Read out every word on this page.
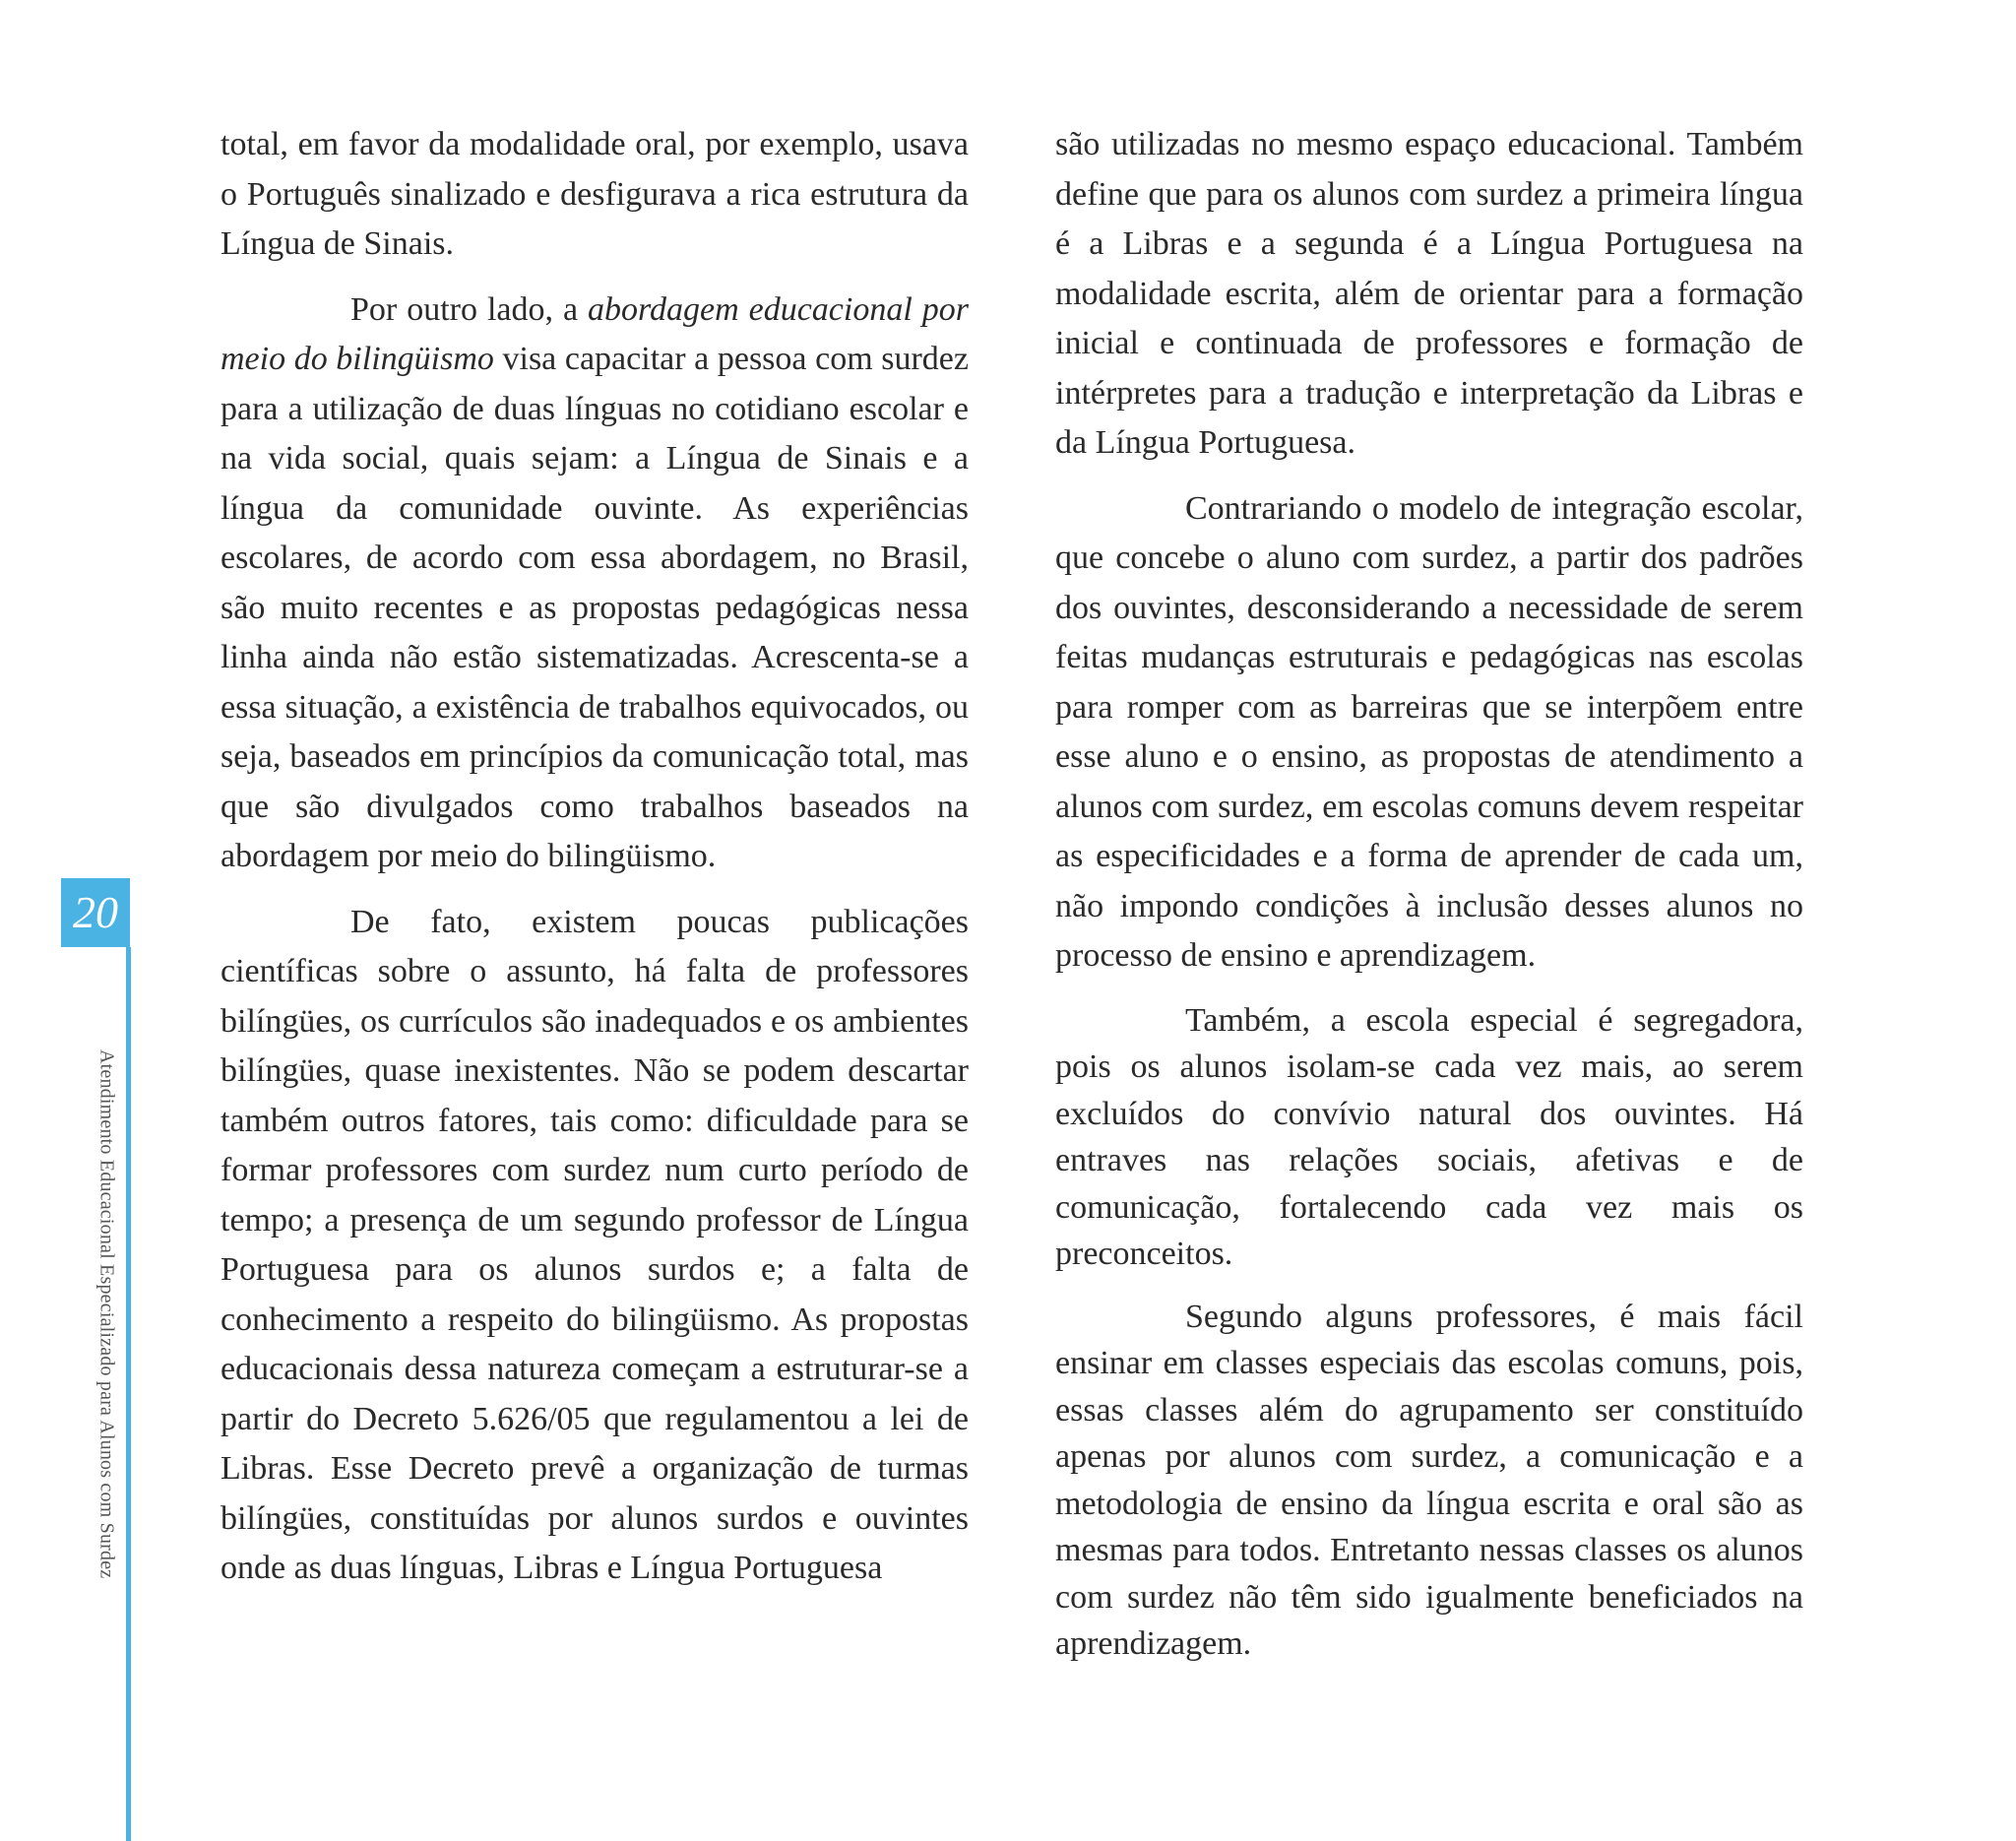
total, em favor da modalidade oral, por exemplo, usava o Português sinalizado e desfigurava a rica estrutura da Língua de Sinais.

Por outro lado, a abordagem educacional por meio do bilingüismo visa capacitar a pessoa com surdez para a utilização de duas línguas no cotidiano escolar e na vida social, quais sejam: a Língua de Sinais e a língua da comunidade ouvinte. As experiências escolares, de acordo com essa abordagem, no Brasil, são muito recentes e as propostas pedagógicas nessa linha ainda não estão sistematizadas. Acrescenta-se a essa situação, a existência de trabalhos equivocados, ou seja, baseados em princípios da comunicação total, mas que são divulgados como trabalhos baseados na abordagem por meio do bilingüismo.

De fato, existem poucas publicações científicas sobre o assunto, há falta de professores bilíngües, os currículos são inadequados e os ambientes bilíngües, quase inexistentes. Não se podem descartar também outros fatores, tais como: dificuldade para se formar professores com surdez num curto período de tempo; a presença de um segundo professor de Língua Portuguesa para os alunos surdos e; a falta de conhecimento a respeito do bilingüismo. As propostas educacionais dessa natureza começam a estruturar-se a partir do Decreto 5.626/05 que regulamentou a lei de Libras. Esse Decreto prevê a organização de turmas bilíngües, constituídas por alunos surdos e ouvintes onde as duas línguas, Libras e Língua Portuguesa

são utilizadas no mesmo espaço educacional. Também define que para os alunos com surdez a primeira língua é a Libras e a segunda é a Língua Portuguesa na modalidade escrita, além de orientar para a formação inicial e continuada de professores e formação de intérpretes para a tradução e interpretação da Libras e da Língua Portuguesa.

Contrariando o modelo de integração escolar, que concebe o aluno com surdez, a partir dos padrões dos ouvintes, desconsiderando a necessidade de serem feitas mudanças estruturais e pedagógicas nas escolas para romper com as barreiras que se interpõem entre esse aluno e o ensino, as propostas de atendimento a alunos com surdez, em escolas comuns devem respeitar as especificidades e a forma de aprender de cada um, não impondo condições à inclusão desses alunos no processo de ensino e aprendizagem.

Também, a escola especial é segregadora, pois os alunos isolam-se cada vez mais, ao serem excluídos do convívio natural dos ouvintes. Há entraves nas relações sociais, afetivas e de comunicação, fortalecendo cada vez mais os preconceitos.

Segundo alguns professores, é mais fácil ensinar em classes especiais das escolas comuns, pois, essas classes além do agrupamento ser constituído apenas por alunos com surdez, a comunicação e a metodologia de ensino da língua escrita e oral são as mesmas para todos. Entretanto nessas classes os alunos com surdez não têm sido igualmente beneficiados na aprendizagem.

20
Atendimento Educacional Especializado para Alunos com Surdez
